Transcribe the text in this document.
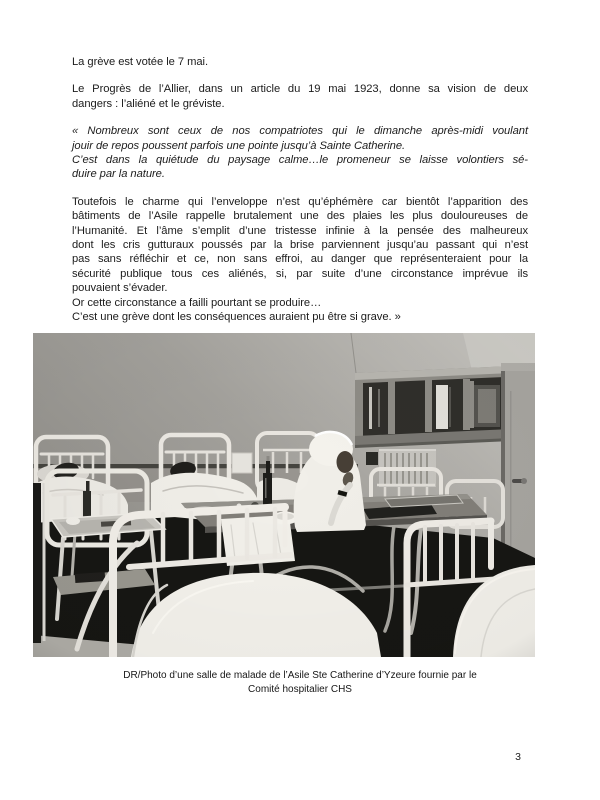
La grève est votée le 7 mai.
Le Progrès de l’Allier, dans un article du 19 mai 1923, donne sa vision de deux
dangers : l’aliéné et le gréviste.
« Nombreux sont ceux de nos compatriotes qui le dimanche après-midi voulant
jouir de repos poussent parfois une pointe jusqu’à Sainte Catherine.
C’est dans la quiétude du paysage calme…le promeneur se laisse volontiers sé-
duire par la nature.
Toutefois le charme qui l’enveloppe n’est qu’éphémère car bientôt l’apparition des
bâtiments de l’Asile rappelle brutalement une des plaies les plus douloureuses de
l’Humanité. Et l’âme s’emplit d’une tristesse infinie à la pensée des malheureux
dont les cris gutturaux poussés par la brise parviennent jusqu’au passant qui n’est
pas sans réfléchir et ce, non sans effroi, au danger que représenteraient pour la
sécurité publique tous ces aliénés, si, par suite d’une circonstance imprévue ils
pouvaient s’évader.
Or cette circonstance a failli pourtant se produire…
C’est une grève dont les conséquences auraient pu être si grave. »
DR/Photo d’une salle de malade de l’Asile Ste Catherine d’Yzeure fournie par le
Comité hospitalier CHS
3
